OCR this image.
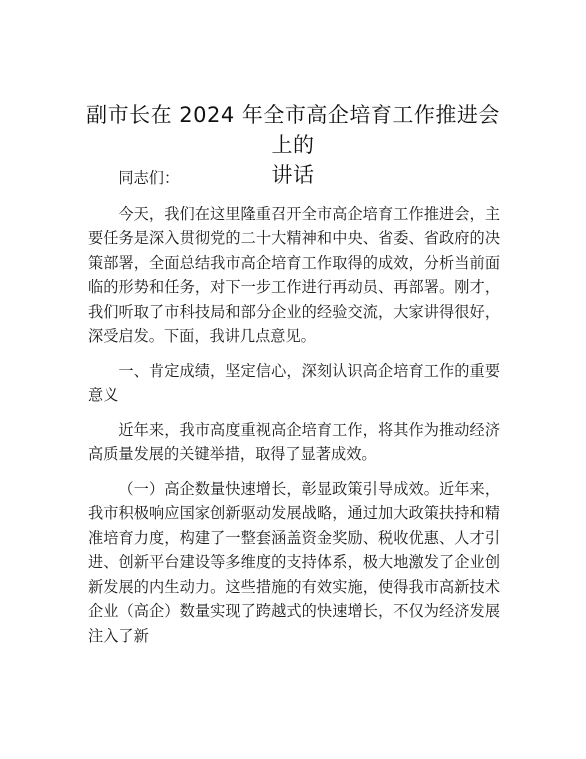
副市长在 2024 年全市高企培育工作推进会上的
讲话

同志们：

今天，我们在这里隆重召开全市高企培育工作推进会，主要任务是深入贯彻党的二十大精神和中央、省委、省政府的决策部署，全面总结我市高企培育工作取得的成效，分析当前面临的形势和任务，对下一步工作进行再动员、再部署。刚才，我们听取了市科技局和部分企业的经验交流，大家讲得很好，深受启发。下面，我讲几点意见。

一、肯定成绩，坚定信心，深刻认识高企培育工作的重要意义

近年来，我市高度重视高企培育工作，将其作为推动经济高质量发展的关键举措，取得了显著成效。

（一）高企数量快速增长，彰显政策引导成效。近年来，我市积极响应国家创新驱动发展战略，通过加大政策扶持和精准培育力度，构建了一整套涵盖资金奖励、税收优惠、人才引进、创新平台建设等多维度的支持体系，极大地激发了企业创新发展的内生动力。这些措施的有效实施，使得我市高新技术企业（高企）数量实现了跨越式的快速增长，不仅为经济发展注入了新
